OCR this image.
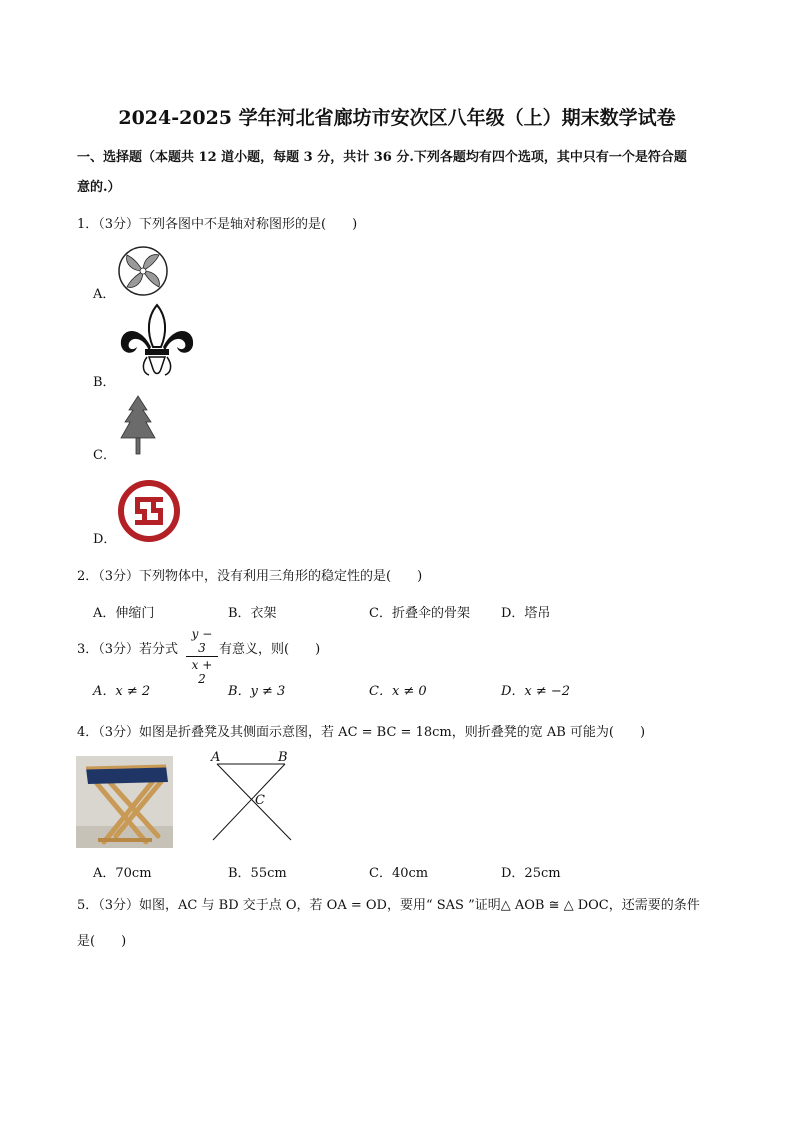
2024-2025 学年河北省廊坊市安次区八年级（上）期末数学试卷
一、选择题（本题共 12 道小题，每题 3 分，共计 36 分.下列各题均有四个选项，其中只有一个是符合题
意的.）
1．（3分）下列各图中不是轴对称图形的是(　　)
A．
B．
C．
D．
2．（3分）下列物体中，没有利用三角形的稳定性的是(　　)
A．伸缩门	B．衣架	C．折叠伞的骨架 D．塔吊
3．（3分）若分式
y − 3
x + 2
有意义，则(　　)
A．x ≠ 2	B．y ≠ 3	C．x ≠ 0	D．x ≠ −2
4．（3分）如图是折叠凳及其侧面示意图，若 AC = BC = 18cm，则折叠凳的宽 AB 可能为(　　)
A	B
C
A．70cm	B．55cm	C．40cm	D．25cm
5．（3分）如图，AC 与 BD 交于点 O，若 OA = OD，要用“ SAS ”证明△ AOB ≅ △ DOC，还需要的条件
是(　　)
